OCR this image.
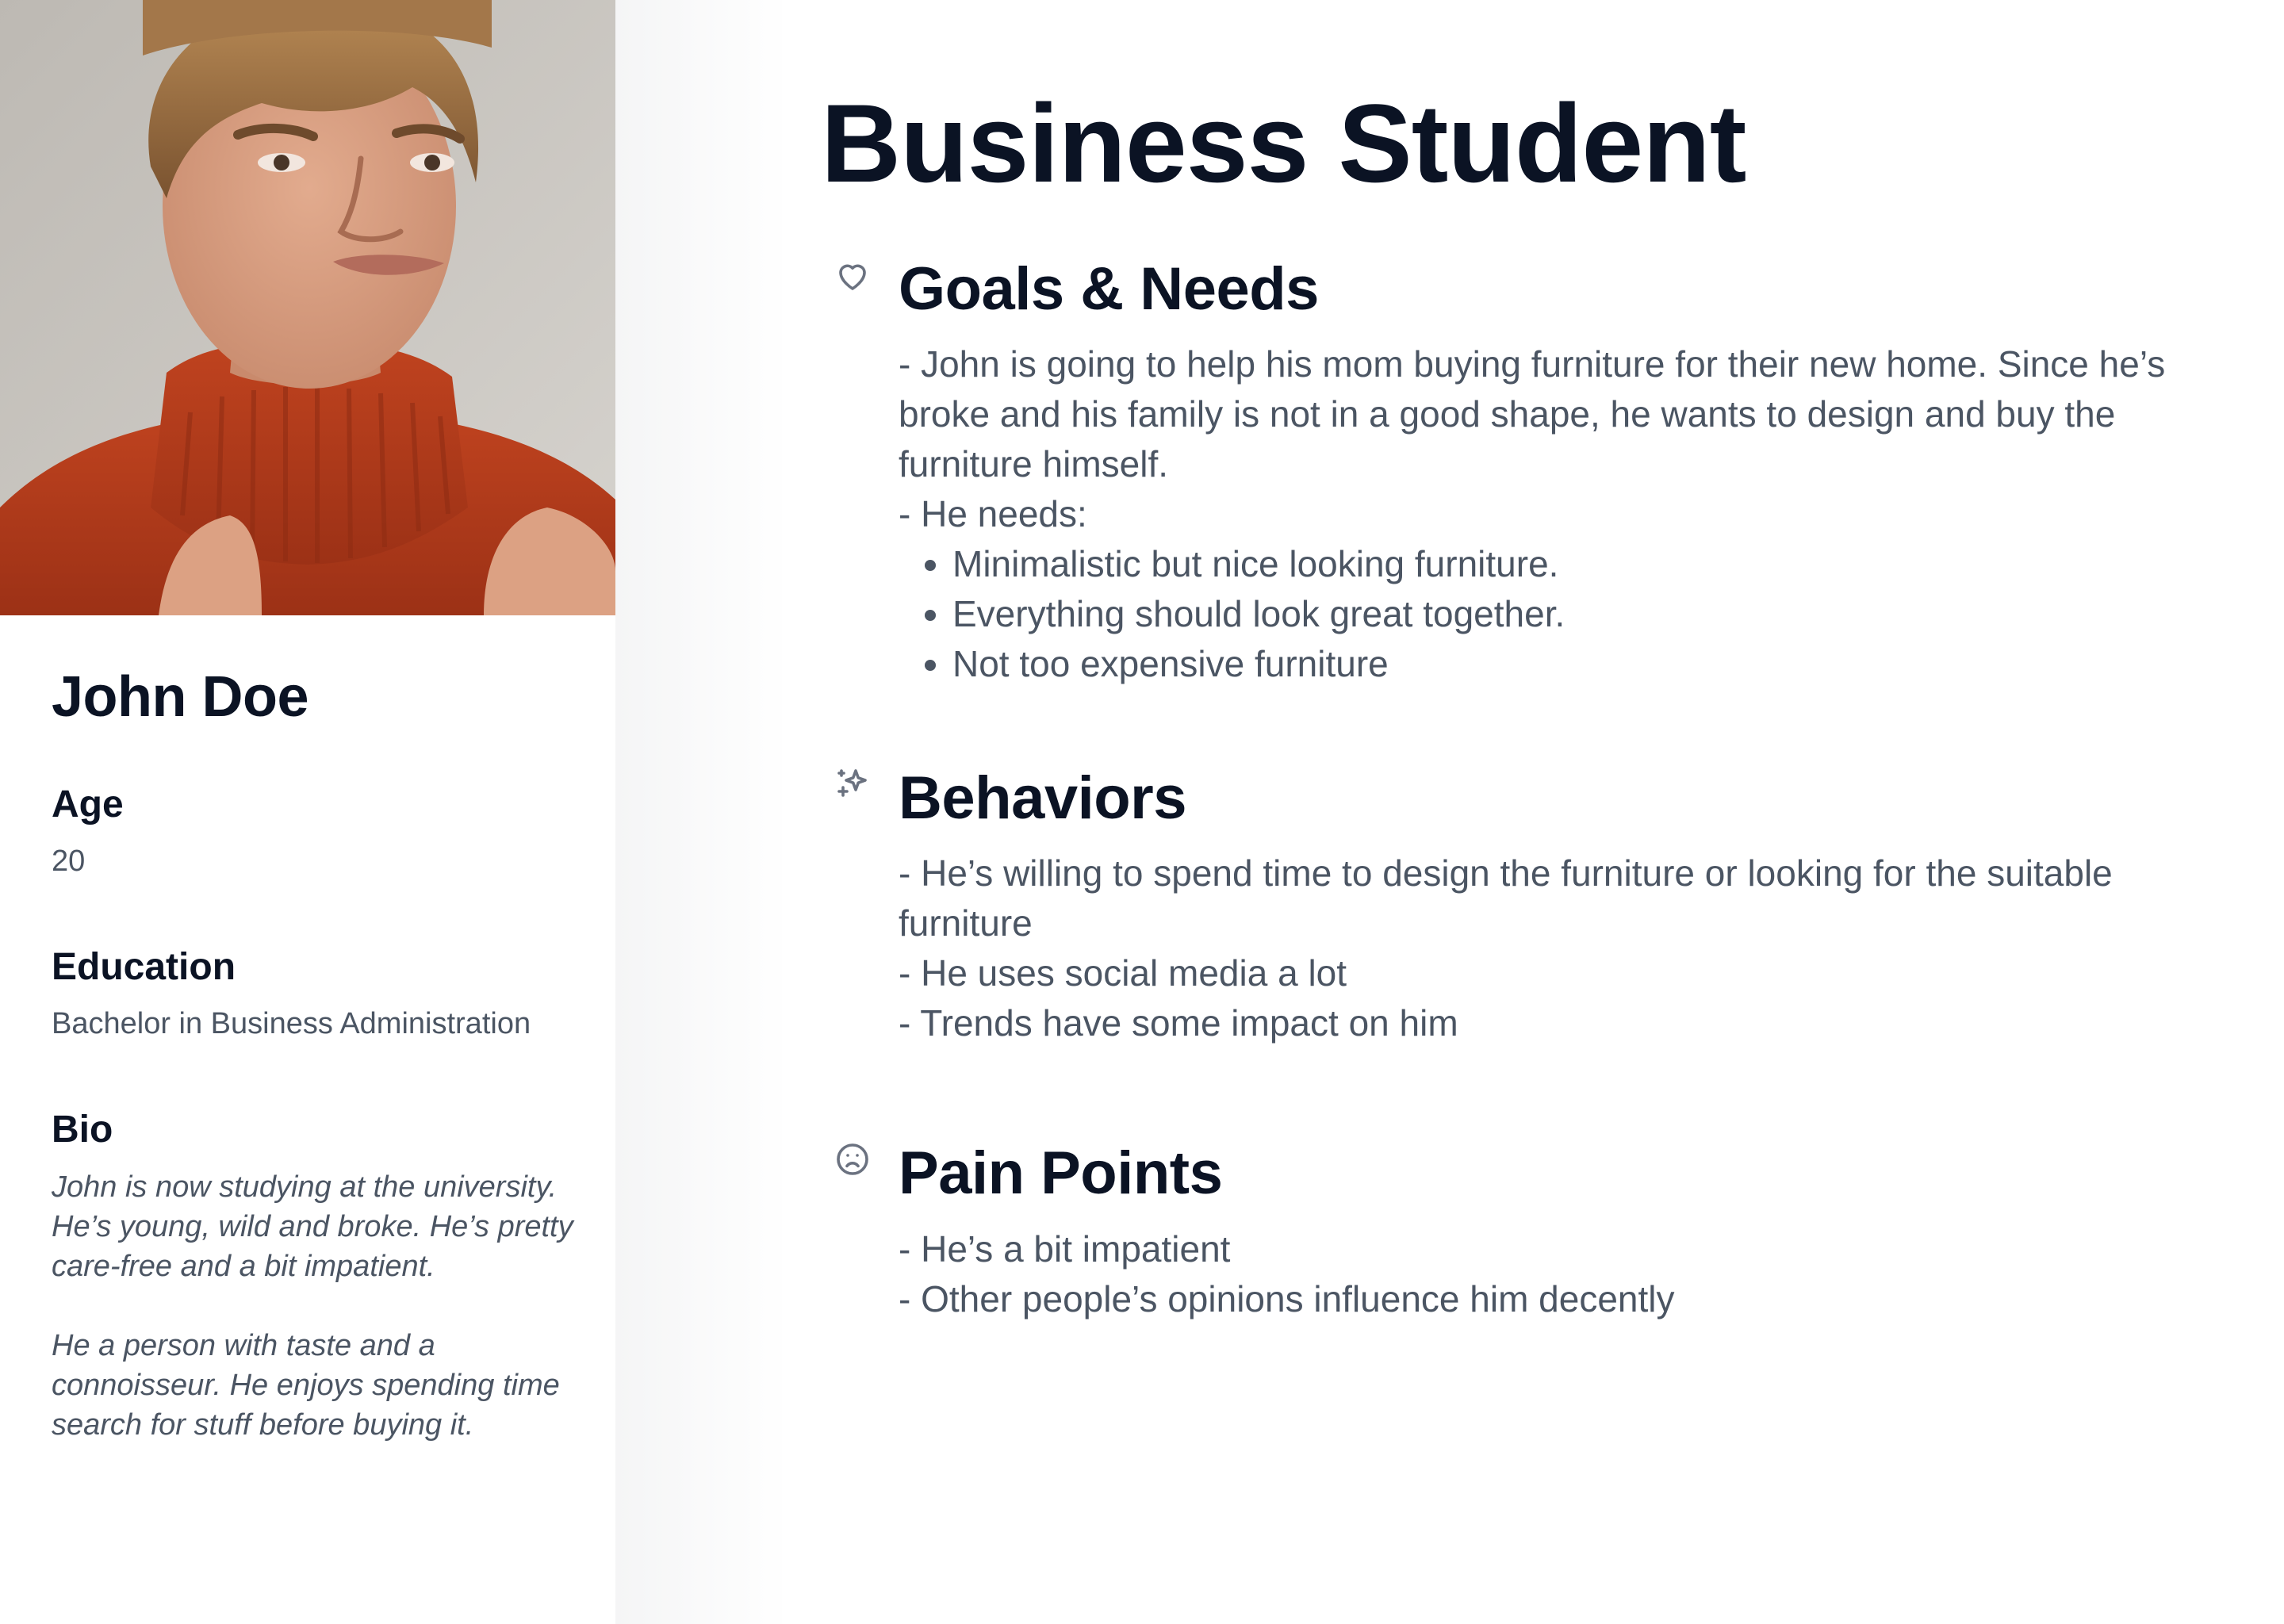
John Doe
Age
20
Education
Bachelor in Business Administration
Bio

John is now studying at the university. He’s young, wild and broke. He’s pretty care-free and a bit impatient.

He a person with taste and a connoisseur. He enjoys spending time search for stuff before buying it.

Business Student
Goals & Needs

- John is going to help his mom buying furniture for their new home. Since he’s broke and his family is not in a good shape, he wants to design and buy the furniture himself.

- He needs:

• Minimalistic but nice looking furniture.
• Everything should look great together.
• Not too expensive furniture
Behaviors

- He’s willing to spend time to design the furniture or looking for the suitable furniture

- He uses social media a lot

- Trends have some impact on him

Pain Points

- He’s a bit impatient

- Other people’s opinions influence him decently
